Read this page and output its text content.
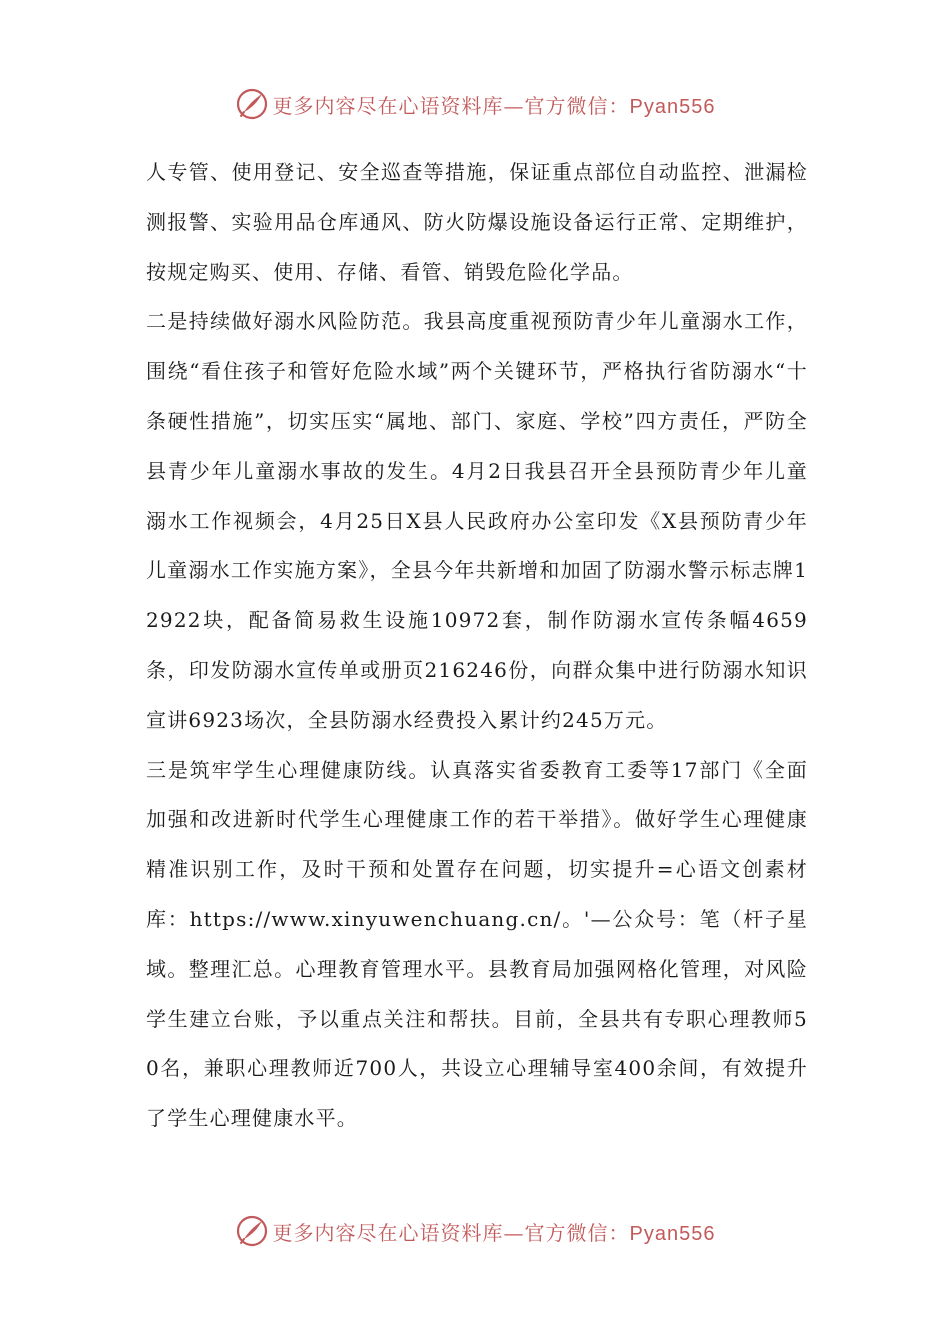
更多内容尽在心语资料库—官方微信：Pyan556

人专管、使用登记、安全巡查等措施，保证重点部位自动监控、泄漏检测报警、实验用品仓库通风、防火防爆设施设备运行正常、定期维护，按规定购买、使用、存储、看管、销毁危险化学品。

二是持续做好溺水风险防范。我县高度重视预防青少年儿童溺水工作，围绕“看住孩子和管好危险水域”两个关键环节，严格执行省防溺水“十条硬性措施”，切实压实“属地、部门、家庭、学校”四方责任，严防全县青少年儿童溺水事故的发生。4月2日我县召开全县预防青少年儿童溺水工作视频会，4月25日X县人民政府办公室印发《X县预防青少年儿童溺水工作实施方案》，全县今年共新增和加固了防溺水警示标志牌12922块，配备简易救生设施10972套，制作防溺水宣传条幅4659条，印发防溺水宣传单或册页216246份，向群众集中进行防溺水知识宣讲6923场次，全县防溺水经费投入累计约245万元。

三是筑牢学生心理健康防线。认真落实省委教育工委等17部门《全面加强和改进新时代学生心理健康工作的若干举措》。做好学生心理健康精准识别工作，及时干预和处置存在问题，切实提升=心语文创素材库：https://www.xinyuwenchuang.cn/。'—公众号：笔（杆子星域。整理汇总。心理教育管理水平。县教育局加强网格化管理，对风险学生建立台账，予以重点关注和帮扶。目前，全县共有专职心理教师50名，兼职心理教师近700人，共设立心理辅导室400余间，有效提升了学生心理健康水平。

更多内容尽在心语资料库—官方微信：Pyan556
